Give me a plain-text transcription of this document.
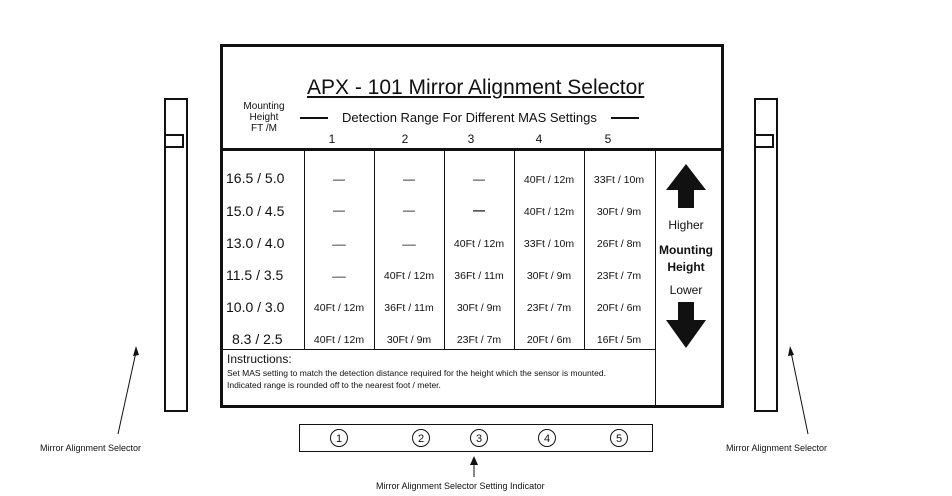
APX - 101 Mirror Alignment Selector
Mounting
Height
FT /M
Detection Range For Different MAS Settings
1	2	3	4	5
16.5 / 5.0	—	—	—	40Ft / 12m	33Ft / 10m
15.0 / 4.5	—	—	—	40Ft / 12m	30Ft / 9m
13.0 / 4.0	__	__	40Ft / 12m	33Ft / 10m	26Ft / 8m
11.5 / 3.5	__	40Ft / 12m	36Ft / 11m	30Ft / 9m	23Ft / 7m
10.0 / 3.0	40Ft / 12m	36Ft / 11m	30Ft / 9m	23Ft / 7m	20Ft / 6m
8.3 / 2.5	40Ft / 12m	30Ft / 9m	23Ft / 7m	20Ft / 6m	16Ft / 5m
Higher
Mounting
Height
Lower
Instructions:
Set MAS setting to match the detection distance required for the height which the sensor is mounted.
Indicated range is rounded off to the nearest foot / meter.
1	2	3	4	5
Mirror Alignment Selector	Mirror Alignment Selector
Mirror Alignment Selector Setting Indicator
